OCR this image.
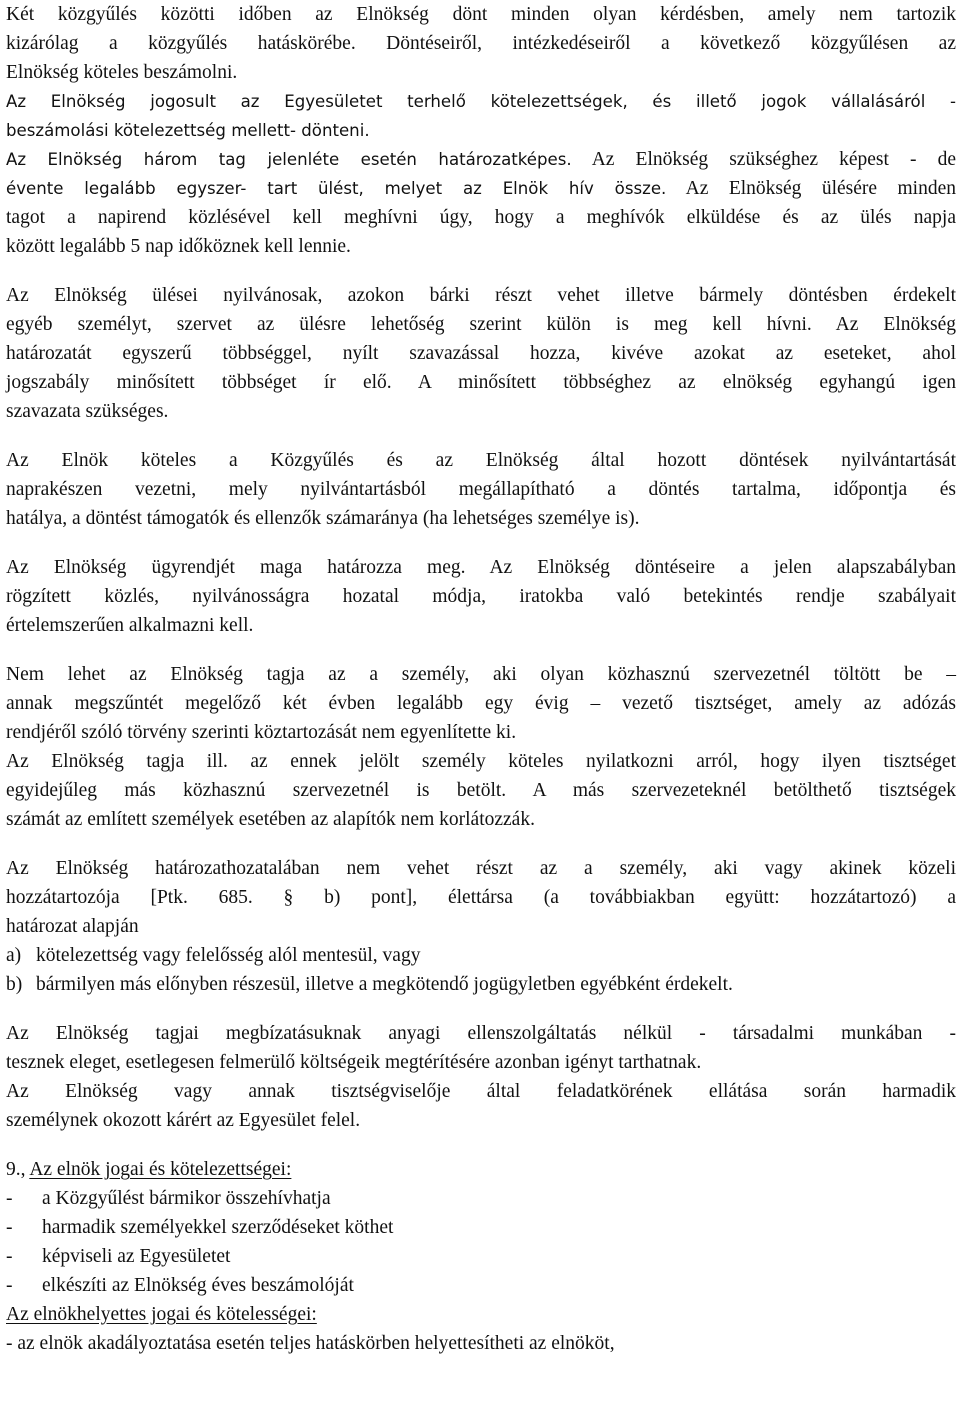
Két közgyűlés közötti időben az Elnökség dönt minden olyan kérdésben, amely nem tartozik
kizárólag a közgyűlés hatáskörébe. Döntéseiről, intézkedéseiről a következő közgyűlésen az
Elnökség köteles beszámolni.
Az Elnökség jogosult az Egyesületet terhelő kötelezettségek, és illető jogok vállalásáról -
beszámolási kötelezettség mellett- dönteni.
Az Elnökség három tag jelenléte esetén határozatképes. Az Elnökség szükséghez képest - de
évente legalább egyszer- tart ülést, melyet az Elnök hív össze. Az Elnökség ülésére minden
tagot a napirend közlésével kell meghívni úgy, hogy a meghívók elküldése és az ülés napja
között legalább 5 nap időköznek kell lennie.
Az Elnökség ülései nyilvánosak, azokon bárki részt vehet illetve bármely döntésben érdekelt
egyéb személyt, szervet az ülésre lehetőség szerint külön is meg kell hívni. Az Elnökség
határozatát egyszerű többséggel, nyílt szavazással hozza, kivéve azokat az eseteket, ahol
jogszabály minősített többséget ír elő. A minősített többséghez az elnökség egyhangú igen
szavazata szükséges.
Az Elnök köteles a Közgyűlés és az Elnökség által hozott döntések nyilvántartását
naprakészen vezetni, mely nyilvántartásból megállapítható a döntés tartalma, időpontja és
hatálya, a döntést támogatók és ellenzők számaránya (ha lehetséges személye is).
Az Elnökség ügyrendjét maga határozza meg. Az Elnökség döntéseire a jelen alapszabályban
rögzített közlés, nyilvánosságra hozatal módja, iratokba való betekintés rendje szabályait
értelemszerűen alkalmazni kell.
Nem lehet az Elnökség tagja az a személy, aki olyan közhasznú szervezetnél töltött be –
annak megszűntét megelőző két évben legalább egy évig – vezető tisztséget, amely az adózás
rendjéről szóló törvény szerinti köztartozását nem egyenlítette ki.
Az Elnökség tagja ill. az ennek jelölt személy köteles nyilatkozni arról, hogy ilyen tisztséget
egyidejűleg más közhasznú szervezetnél is betölt. A más szervezeteknél betölthető tisztségek
számát az említett személyek esetében az alapítók nem korlátozzák.
Az Elnökség határozathozatalában nem vehet részt az a személy, aki vagy akinek közeli
hozzátartozója [Ptk. 685. § b) pont], élettársa (a továbbiakban együtt: hozzátartozó) a
határozat alapján
a) kötelezettség vagy felelősség alól mentesül, vagy
b) bármilyen más előnyben részesül, illetve a megkötendő jogügyletben egyébként érdekelt.
Az Elnökség tagjai megbízatásuknak anyagi ellenszolgáltatás nélkül - társadalmi munkában -
tesznek eleget, esetlegesen felmerülő költségeik megtérítésére azonban igényt tarthatnak.
Az Elnökség vagy annak tisztségviselője által feladatkörének ellátása során harmadik
személynek okozott kárért az Egyesület felel.
9., Az elnök jogai és kötelezettségei:
-	a Közgyűlést bármikor összehívhatja
-	harmadik személyekkel szerződéseket köthet
-	képviseli az Egyesületet
-	elkészíti az Elnökség éves beszámolóját
Az elnökhelyettes jogai és kötelességei:
- az elnök akadályoztatása esetén teljes hatáskörben helyettesítheti az elnököt,
